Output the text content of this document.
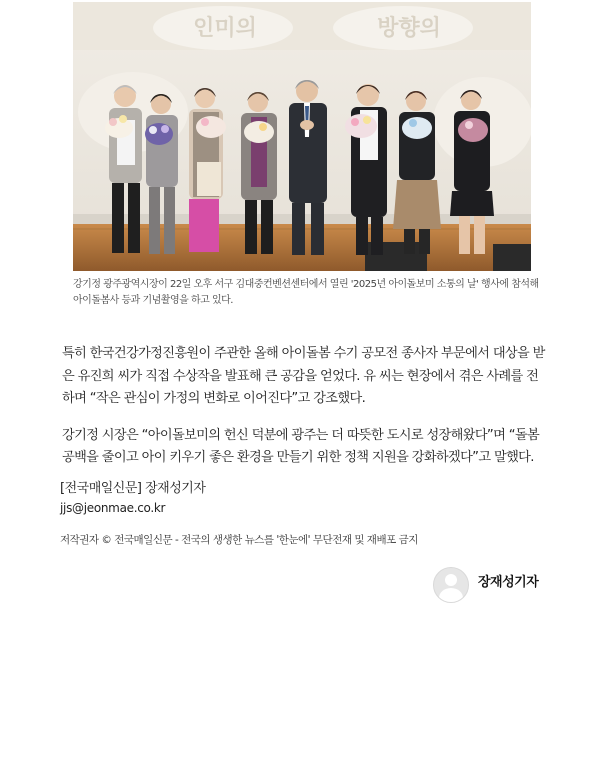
인미의	방향의
강기정 광주광역시장이 22일 오후 서구 김대중컨벤션센터에서 열린 '2025년 아이돌보미 소통의 날' 행사에 참석해 아이돌봄사 등과 기념촬영을 하고 있다.

특히 한국건강가정진흥원이 주관한 올해 아이돌봄 수기 공모전 종사자 부문에서 대상을 받은 유진희 씨가 직접 수상작을 발표해 큰 공감을 얻었다. 유 씨는 현장에서 겪은 사례를 전하며 “작은 관심이 가정의 변화로 이어진다”고 강조했다.

강기정 시장은 “아이돌보미의 헌신 덕분에 광주는 더 따뜻한 도시로 성장해왔다”며 “돌봄 공백을 줄이고 아이 키우기 좋은 환경을 만들기 위한 정책 지원을 강화하겠다”고 말했다.

[전국매일신문] 장재성기자
jjs@jeonmae.co.kr
저작권자 © 전국매일신문 - 전국의 생생한 뉴스를 '한눈에' 무단전재 및 재배포 금지
장재성기자
